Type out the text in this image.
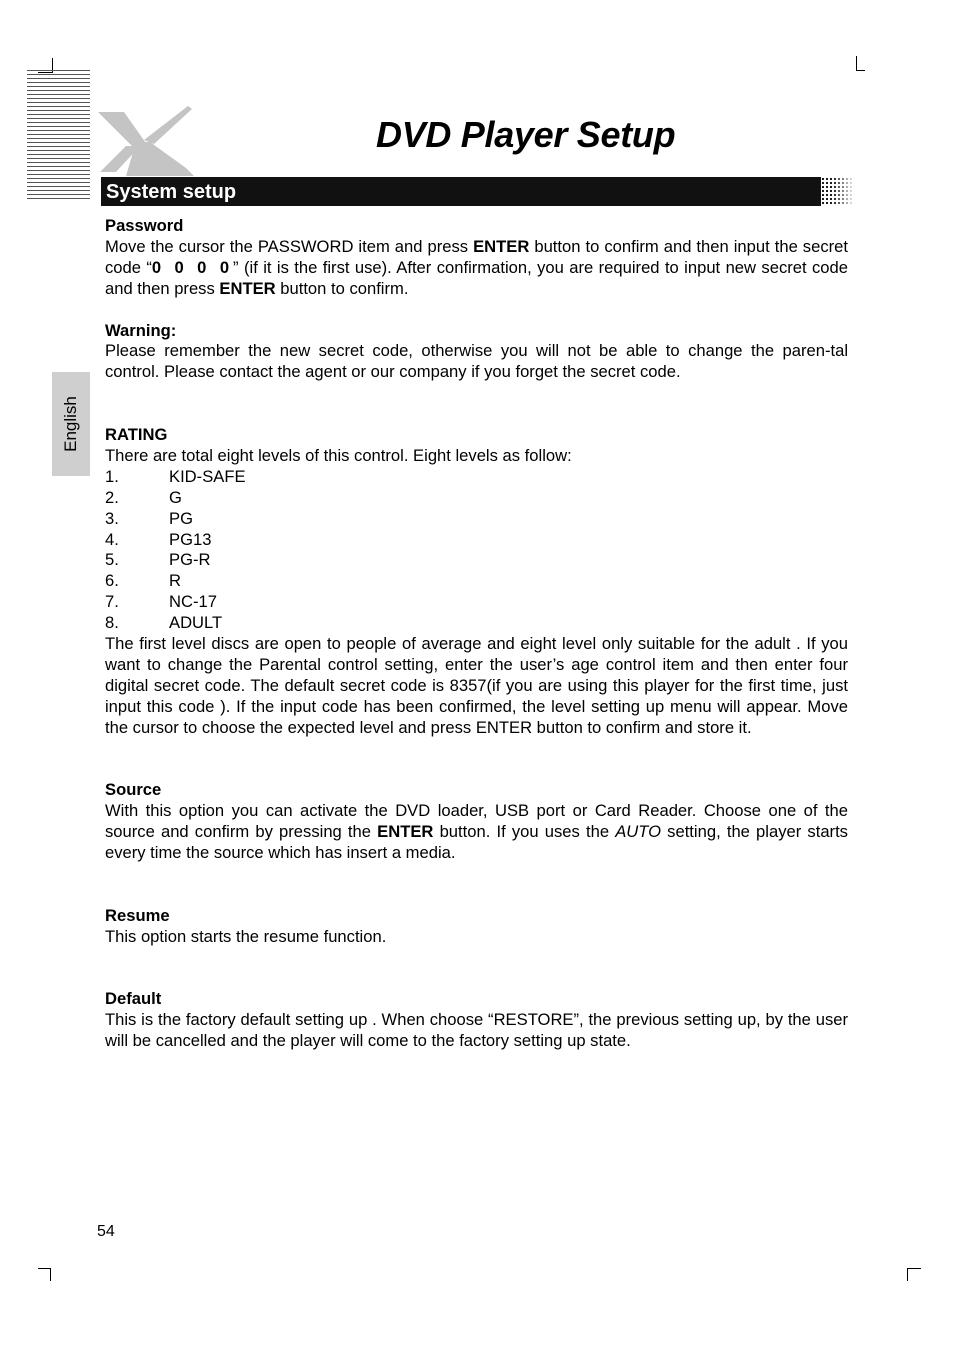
DVD Player Setup
System setup
English
Password

Move the cursor the PASSWORD item and press ENTER button to confirm and then input the secret code “0 0 0 0” (if it is the first use). After confirmation, you are required to input new secret code and then press ENTER button to confirm.

Warning:

Please remember the new secret code, otherwise you will not be able to change the paren-tal control. Please contact the agent or our company if you forget the secret code.

RATING

There are total eight levels of this control. Eight levels as follow:

1.	KID-SAFE
2.	G
3.	PG
4.	PG13
5.	PG-R
6.	R
7.	NC-17
8.	ADULT

The first level discs are open to people of average and eight level only suitable for the adult . If you want to change the Parental control setting, enter the user’s age control item and then enter four digital secret code. The default secret code is 8357(if you are using this player for the first time, just input this code ). If the input code has been confirmed, the level setting up menu will appear. Move the cursor to choose the expected level and press ENTER button to confirm and store it.

Source

With this option you can activate the DVD loader, USB port or Card Reader. Choose one of the source and confirm by pressing the ENTER button. If you uses the AUTO setting, the player starts every time the source which has insert a media.

Resume

This option starts the resume function.

Default

This is the factory default setting up . When choose “RESTORE”, the previous setting up, by the user will be cancelled and the player will come to the factory setting up state.

54
